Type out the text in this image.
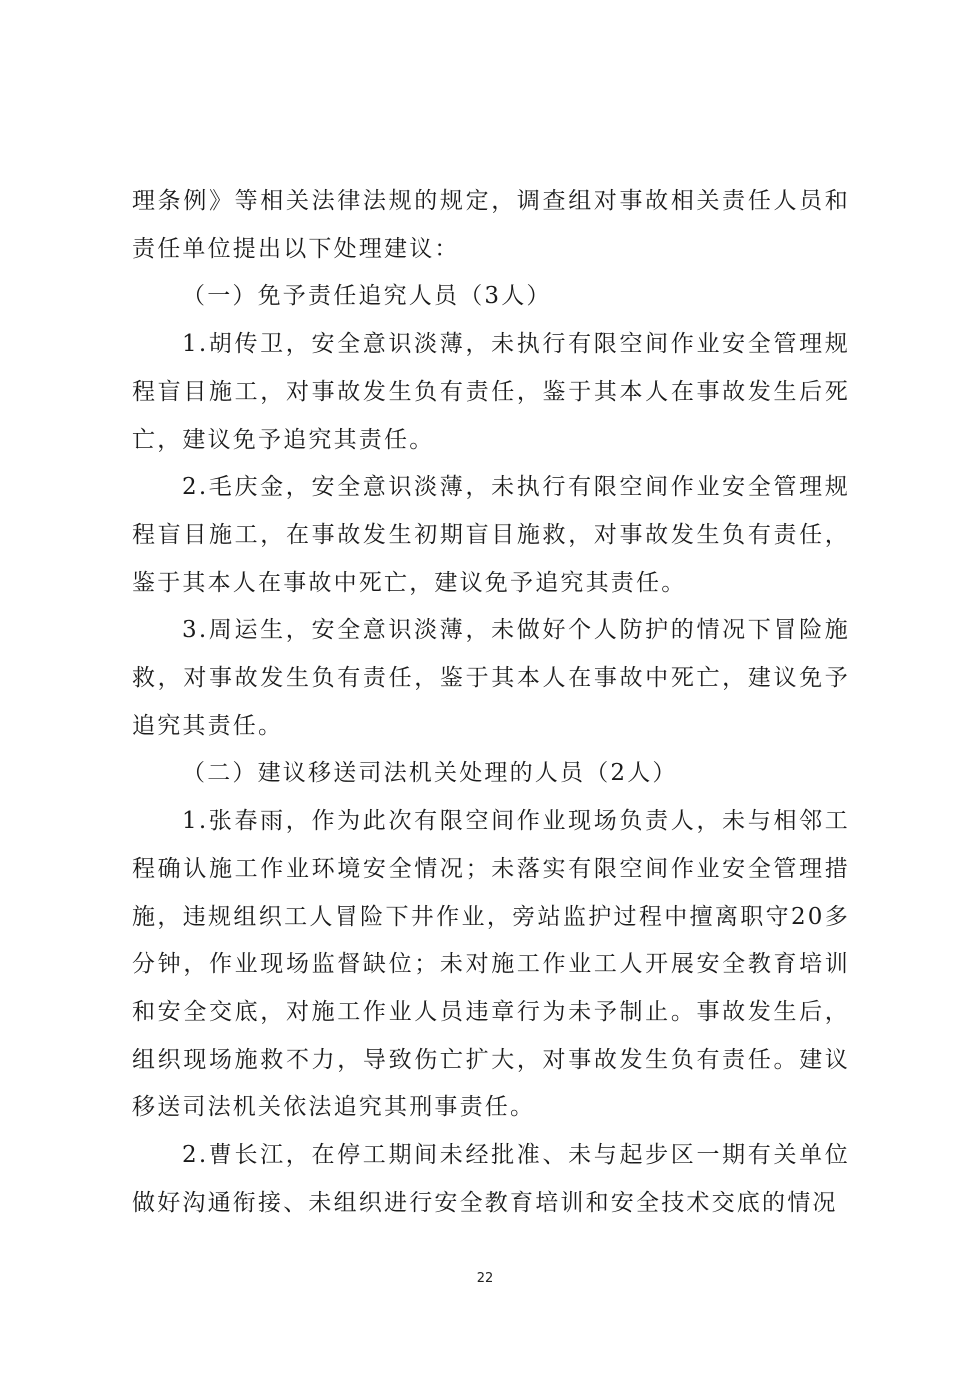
理条例》等相关法律法规的规定，调查组对事故相关责任人员和责任单位提出以下处理建议：

（一）免予责任追究人员（3人）

1.胡传卫，安全意识淡薄，未执行有限空间作业安全管理规程盲目施工，对事故发生负有责任，鉴于其本人在事故发生后死亡，建议免予追究其责任。

2.毛庆金，安全意识淡薄，未执行有限空间作业安全管理规程盲目施工，在事故发生初期盲目施救，对事故发生负有责任，鉴于其本人在事故中死亡，建议免予追究其责任。

3.周运生，安全意识淡薄，未做好个人防护的情况下冒险施救，对事故发生负有责任，鉴于其本人在事故中死亡，建议免予追究其责任。

（二）建议移送司法机关处理的人员（2人）

1.张春雨，作为此次有限空间作业现场负责人，未与相邻工程确认施工作业环境安全情况；未落实有限空间作业安全管理措施，违规组织工人冒险下井作业，旁站监护过程中擅离职守20多分钟，作业现场监督缺位；未对施工作业工人开展安全教育培训和安全交底，对施工作业人员违章行为未予制止。事故发生后，组织现场施救不力，导致伤亡扩大，对事故发生负有责任。建议移送司法机关依法追究其刑事责任。

2.曹长江，在停工期间未经批准、未与起步区一期有关单位做好沟通衔接、未组织进行安全教育培训和安全技术交底的情况

22
